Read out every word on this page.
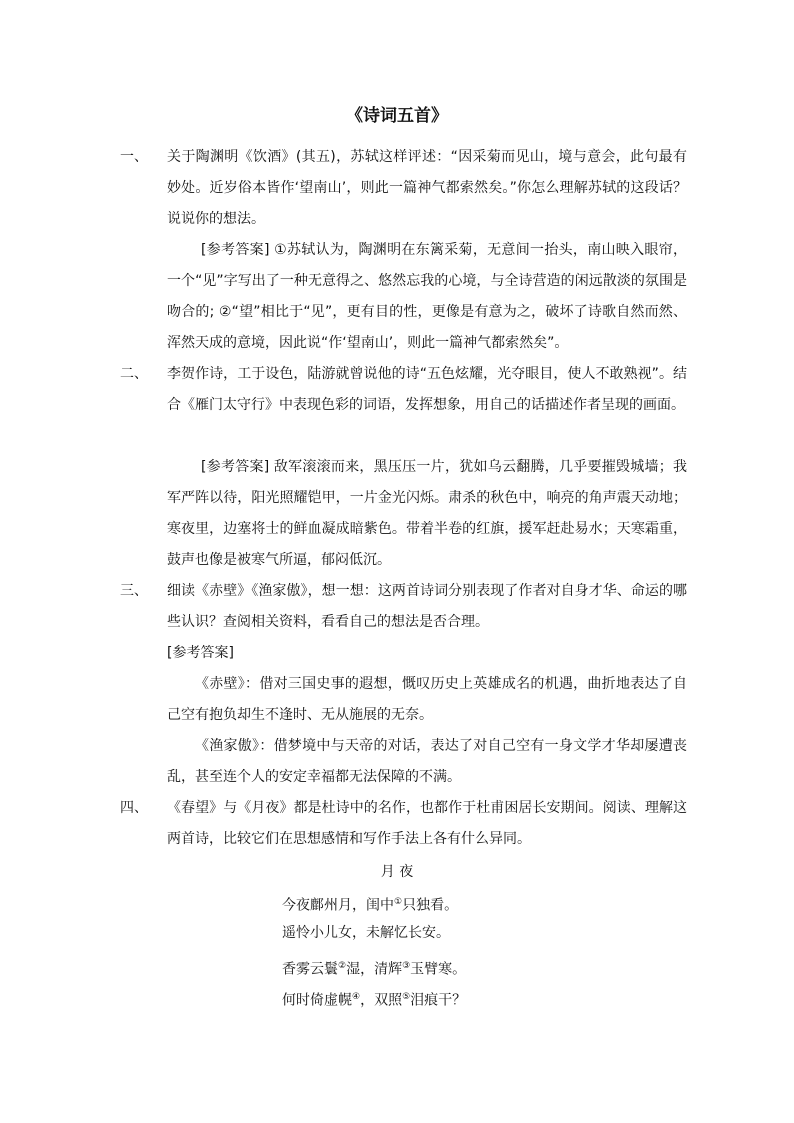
《诗词五首》
一、	关于陶渊明《饮酒》(其五)，苏轼这样评述：“因采菊而见山，境与意会，此句最有妙处。近岁俗本皆作‘望南山’，则此一篇神气都索然矣。”你怎么理解苏轼的这段话？说说你的想法。
[参考答案] ①苏轼认为，陶渊明在东篱采菊，无意间一抬头，南山映入眼帘，一个“见”字写出了一种无意得之、悠然忘我的心境，与全诗营造的闲远散淡的氛围是吻合的; ②“望”相比于“见”，更有目的性，更像是有意为之，破坏了诗歌自然而然、浑然天成的意境，因此说“作‘望南山’，则此一篇神气都索然矣”。
二、	李贺作诗，工于设色，陆游就曾说他的诗“五色炫耀，光夺眼目，使人不敢熟视”。结合《雁门太守行》中表现色彩的词语，发挥想象，用自己的话描述作者呈现的画面。
[参考答案] 敌军滚滚而来，黑压压一片，犹如乌云翻腾，几乎要摧毁城墙；我军严阵以待，阳光照耀铠甲，一片金光闪烁。肃杀的秋色中，响亮的角声震天动地；寒夜里，边塞将士的鲜血凝成暗紫色。带着半卷的红旗，援军赶赴易水；天寒霜重，鼓声也像是被寒气所逼，郁闷低沉。
三、	细读《赤壁》《渔家傲》，想一想：这两首诗词分别表现了作者对自身才华、命运的哪些认识？查阅相关资料，看看自己的想法是否合理。
[参考答案]
《赤壁》：借对三国史事的遐想，慨叹历史上英雄成名的机遇，曲折地表达了自己空有抱负却生不逢时、无从施展的无奈。
《渔家傲》：借梦境中与天帝的对话，表达了对自己空有一身文学才华却屡遭丧乱，甚至连个人的安定幸福都无法保障的不满。
四、	《春望》与《月夜》都是杜诗中的名作，也都作于杜甫困居长安期间。阅读、理解这两首诗，比较它们在思想感情和写作手法上各有什么异同。
月 夜
今夜鄜州月，闺中①只独看。
遥怜小儿女，未解忆长安。
香雾云鬟②湿，清辉③玉臂寒。
何时倚虚幌④，双照⑤泪痕干？
